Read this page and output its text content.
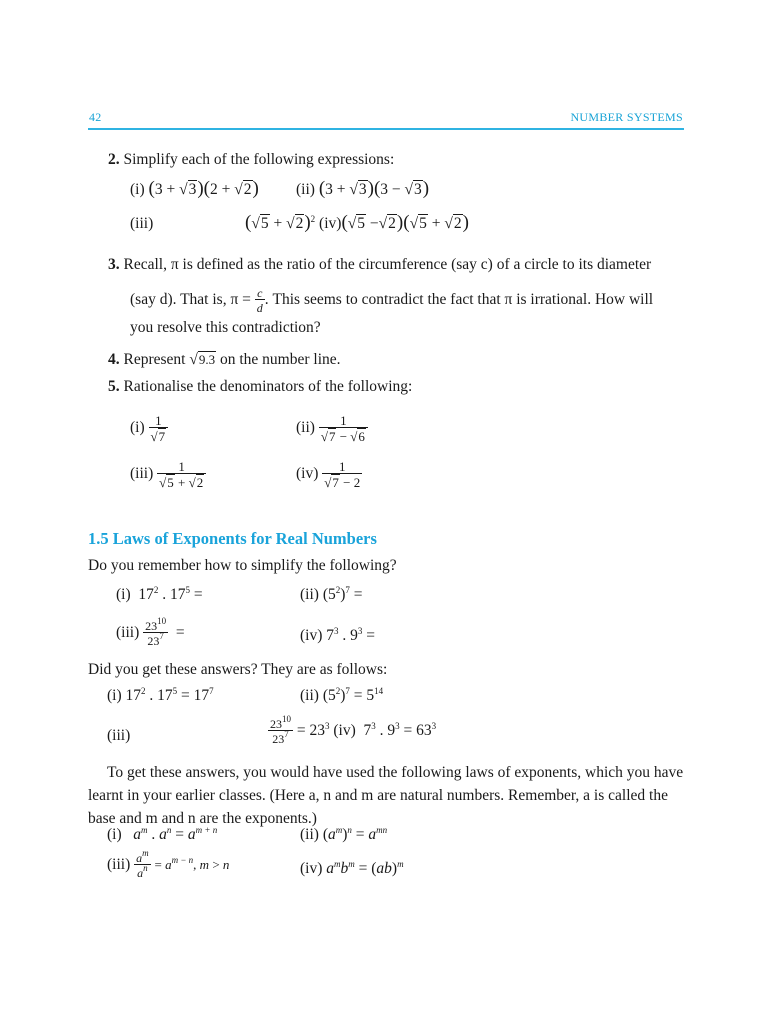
42	NUMBER SYSTEMS
2. Simplify each of the following expressions:
(i) (3 + √3)(2 + √2) (ii) (3 + √3)(3 − √3)
(iii)	$(√5 + √2)^2$ (iv)(√5 −√2)(√5 + √2)
3. Recall, π is defined as the ratio of the circumference (say c) of a circle to its diameter
(say d). That is, $\pi = \frac{c}{d}$ . This seems to contradict the fact that π is irrational. How will
you resolve this contradiction?
4. Represent √9.3 on the number line.
5. Rationalise the denominators of the following:
$(i) \frac{1}{√7}$	$(ii) \frac{1}{√7 - √6}$
$(iii) \frac{1}{√5 + √2}$	$(iv) \frac{1}{√7 - 2}$
1.5 Laws of Exponents for Real Numbers
Do you remember how to simplify the following?
(i)  $17^2$ . $17^5$ =	(ii) $(5^2)^7$ =
$(iii) \frac{23^{10}}{23^7}$ =	(iv) $7^3$ . $9^3$ =
Did you get these answers? They are as follows:
(i) $17^2$ . $17^5 = 17^7$	(ii) $(5^2)^7 = 5^{14}$
(iii)	$\frac{23^{10}}{23^7} = 23^3$ (iv)  $7^3$ . $9^3 = 63^3$
To get these answers, you would have used the following laws of exponents, which you have
learnt in your earlier classes. (Here a, n and m are natural numbers. Remember, a is called the
base and m and n are the exponents.)
(i) $a^m$ . $a^n = a^{m + n}$	(ii) $(a^m)^n = a^{mn}$
$(iii) \frac{a^m}{a^n} = a^{m - n}$, m > n	(iv) $a^mb^m = (ab)^m$
